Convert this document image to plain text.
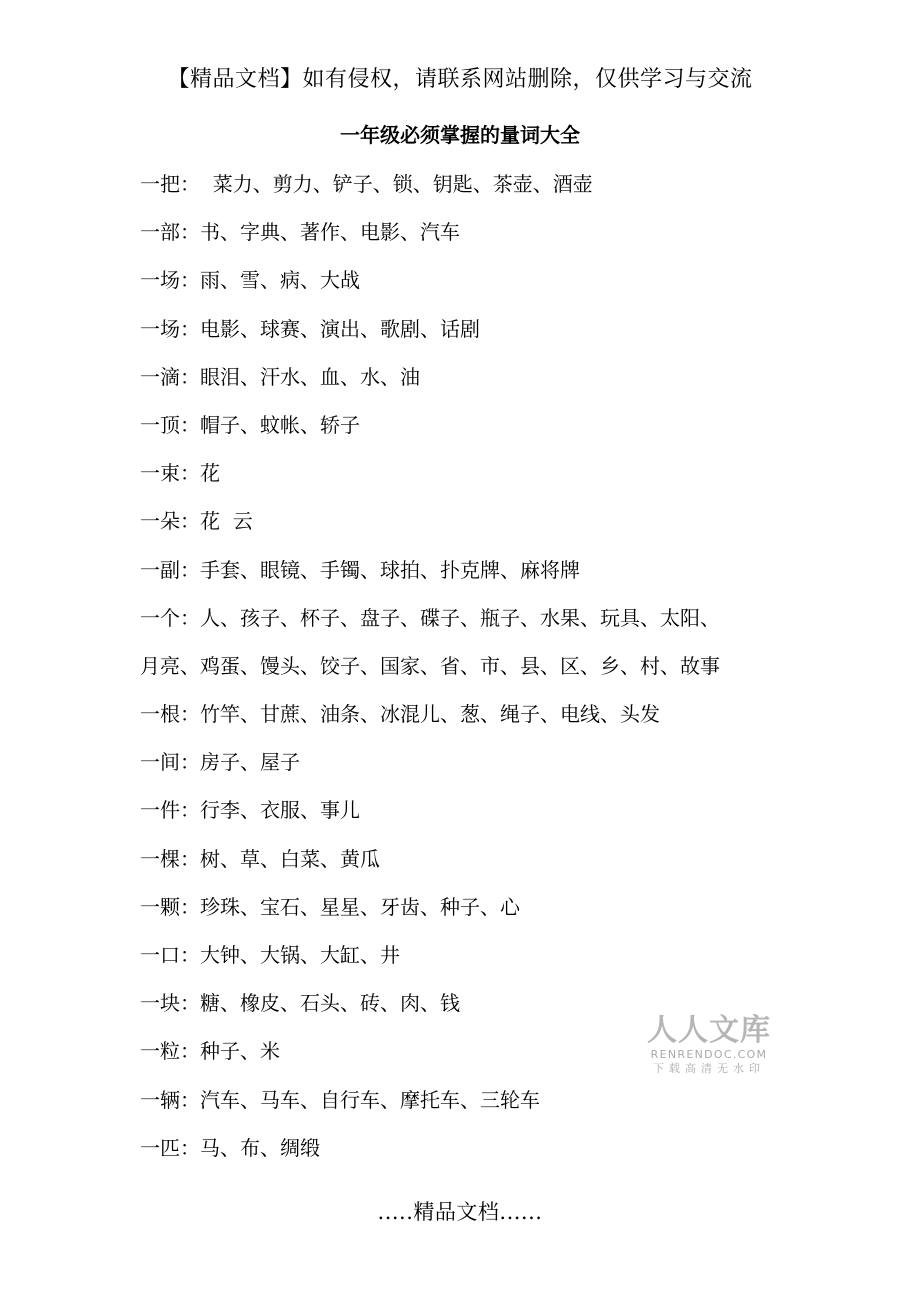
【精品文档】如有侵权，请联系网站删除，仅供学习与交流
一年级必须掌握的量词大全
一把：  菜力、剪力、铲子、锁、钥匙、茶壶、酒壶
一部：书、字典、著作、电影、汽车
一场：雨、雪、病、大战
一场：电影、球赛、演出、歌剧、话剧
一滴：眼泪、汗水、血、水、油
一顶：帽子、蚊帐、轿子
一束：花
一朵：花  云
一副：手套、眼镜、手镯、球拍、扑克牌、麻将牌
一个：人、孩子、杯子、盘子、碟子、瓶子、水果、玩具、太阳、
月亮、鸡蛋、馒头、饺子、国家、省、市、县、区、乡、村、故事
一根：竹竿、甘蔗、油条、冰混儿、葱、绳子、电线、头发
一间：房子、屋子
一件：行李、衣服、事儿
一棵：树、草、白菜、黄瓜
一颗：珍珠、宝石、星星、牙齿、种子、心
一口：大钟、大锅、大缸、井
一块：糖、橡皮、石头、砖、肉、钱
一粒：种子、米
一辆：汽车、马车、自行车、摩托车、三轮车
一匹：马、布、绸缎
人人文库
RENRENDOC.COM
下载高清无水印
.....精品文档......
